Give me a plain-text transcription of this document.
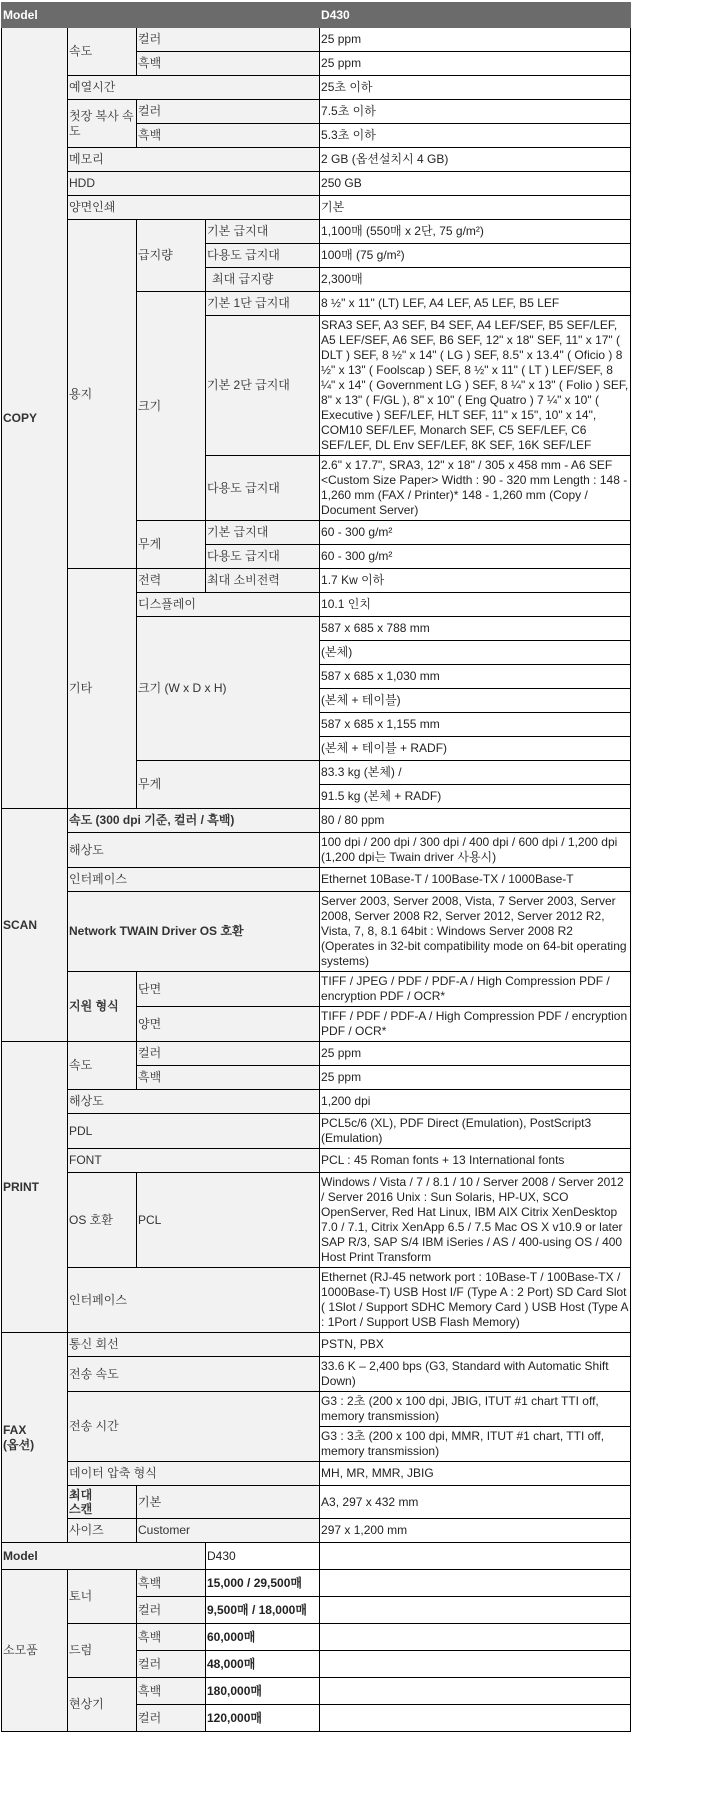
Model				D430
COPY	속도	컬러		25 ppm
		흑백		25 ppm
	예열시간			25초 이하
	첫장 복사 속도	컬러		7.5초 이하
		흑백		5.3초 이하
	메모리			2 GB (옵션설치시 4 GB)
	HDD			250 GB
	양면인쇄			기본
	용지	급지량	기본 급지대	1,100매 (550매 x 2단, 75 g/m²)
			다용도 급지대	100매 (75 g/m²)
			최대 급지량	2,300매
		크기	기본 1단 급지대	8 ½" x 11" (LT) LEF, A4 LEF, A5 LEF, B5 LEF
			기본 2단 급지대	SRA3 SEF, A3 SEF, B4 SEF, A4 LEF/SEF, B5 SEF/LEF, A5 LEF/SEF, A6 SEF, B6 SEF, 12" x 18" SEF, 11" x 17" ( DLT ) SEF, 8 ½" x 14" ( LG ) SEF, 8.5" x 13.4" ( Oficio ) 8 ½" x 13" ( Foolscap ) SEF, 8 ½" x 11" ( LT ) LEF/SEF, 8 ¼" x 14" ( Government LG ) SEF, 8 ¼" x 13" ( Folio ) SEF, 8" x 13" ( F/GL ), 8" x 10" ( Eng Quatro ) 7 ¼" x 10" ( Executive ) SEF/LEF, HLT SEF, 11" x 15", 10" x 14", COM10 SEF/LEF, Monarch SEF, C5 SEF/LEF, C6 SEF/LEF, DL Env SEF/LEF, 8K SEF, 16K SEF/LEF
			다용도 급지대	2.6" x 17.7", SRA3, 12" x 18" / 305 x 458 mm - A6 SEF <Custom Size Paper> Width : 90 - 320 mm Length : 148 - 1,260 mm (FAX / Printer)* 148 - 1,260 mm (Copy / Document Server)
		무게	기본 급지대	60 - 300 g/m²
			다용도 급지대	60 - 300 g/m²
	기타	전력	최대 소비전력	1.7 Kw 이하
		디스플레이		10.1 인치
		크기 (W x D x H)		587 x 685 x 788 mm
				(본체)
				587 x 685 x 1,030 mm
				(본체 + 테이블)
				587 x 685 x 1,155 mm
				(본체 + 테이블 + RADF)
		무게		83.3 kg (본체) /
				91.5 kg (본체 + RADF)
SCAN	속도 (300 dpi 기준, 컬러 / 흑백)			80 / 80 ppm
	해상도			100 dpi / 200 dpi / 300 dpi / 400 dpi / 600 dpi / 1,200 dpi (1,200 dpi는 Twain driver 사용시)
	인터페이스			Ethernet 10Base-T / 100Base-TX / 1000Base-T
	Network TWAIN Driver OS 호환			Server 2003, Server 2008, Vista, 7 Server 2003, Server 2008, Server 2008 R2, Server 2012, Server 2012 R2, Vista, 7, 8, 8.1 64bit : Windows Server 2008 R2 (Operates in 32-bit compatibility mode on 64-bit operating systems)
	지원 형식	단면		TIFF / JPEG / PDF / PDF-A / High Compression PDF / encryption PDF / OCR*
		양면		TIFF / PDF / PDF-A / High Compression PDF / encryption PDF / OCR*
PRINT	속도	컬러		25 ppm
		흑백		25 ppm
	해상도			1,200 dpi
	PDL			PCL5c/6 (XL), PDF Direct (Emulation), PostScript3 (Emulation)
	FONT			PCL : 45 Roman fonts + 13 International fonts
	OS 호환	PCL		Windows / Vista / 7 / 8.1 / 10 / Server 2008 / Server 2012 / Server 2016 Unix : Sun Solaris, HP-UX, SCO OpenServer, Red Hat Linux, IBM AIX Citrix XenDesktop 7.0 / 7.1, Citrix XenApp 6.5 / 7.5 Mac OS X v10.9 or later SAP R/3, SAP S/4 IBM iSeries / AS / 400-using OS / 400 Host Print Transform
	인터페이스			Ethernet (RJ-45 network port : 10Base-T / 100Base-TX / 1000Base-T) USB Host I/F (Type A : 2 Port) SD Card Slot ( 1Slot / Support SDHC Memory Card ) USB Host (Type A : 1Port / Support USB Flash Memory)
FAX
(옵션)	통신 회선			PSTN, PBX
	전송 속도			33.6 K – 2,400 bps (G3, Standard with Automatic Shift Down)
	전송 시간			G3 : 2초 (200 x 100 dpi, JBIG, ITUT #1 chart TTI off, memory transmission)
				G3 : 3초 (200 x 100 dpi, MMR, ITUT #1 chart, TTI off, memory transmission)
	데이터 압축 형식			MH, MR, MMR, JBIG
	최대
스캔	기본		A3, 297 x 432 mm
	사이즈	Customer		297 x 1,200 mm
Model			D430	
소모품	토너	흑백	15,000 / 29,500매	
		컬러	9,500매 / 18,000매	
	드럼	흑백	60,000매	
		컬러	48,000매	
	현상기	흑백	180,000매	
		컬러	120,000매	
